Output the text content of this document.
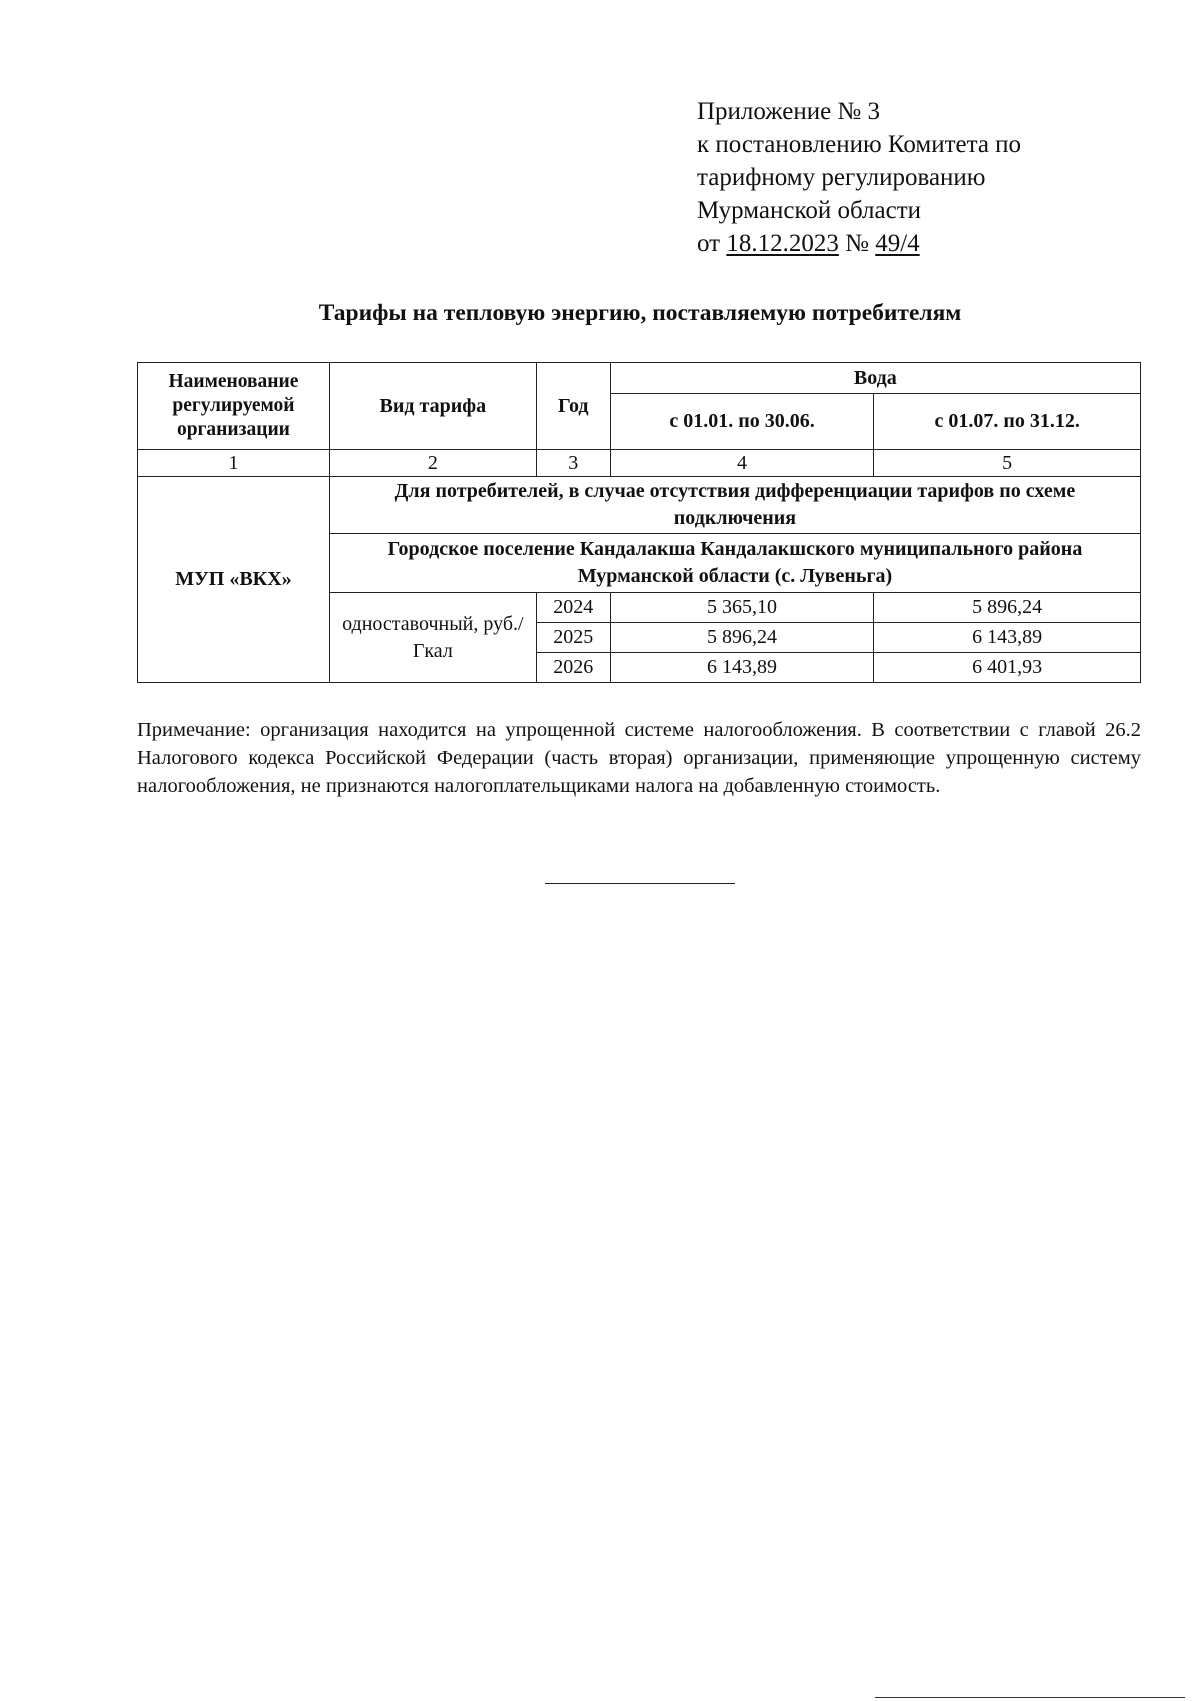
Приложение № 3
к постановлению Комитета по
тарифному регулированию
Мурманской области
от 18.12.2023 № 49/4
Тарифы на тепловую энергию, поставляемую потребителям
Наименование регулируемой организации	Вид тарифа	Год	Вода	
			с 01.01. по 30.06.	с 01.07. по 31.12.
1	2	3	4	5
МУП «ВКХ»	Для потребителей, в случае отсутствия дифференциации тарифов по схеме подключения			
	Городское поселение Кандалакша Кандалакшского муниципального района Мурманской области (с. Лувеньга)			
	одноставочный, руб./Гкал	2024	5 365,10	5 896,24
		2025	5 896,24	6 143,89
		2026	6 143,89	6 401,93
Примечание: организация находится на упрощенной системе налогообложения. В соответствии с главой 26.2 Налогового кодекса Российской Федерации (часть вторая) организации, применяющие упрощенную систему налогообложения, не признаются налогоплательщиками налога на добавленную стоимость.
